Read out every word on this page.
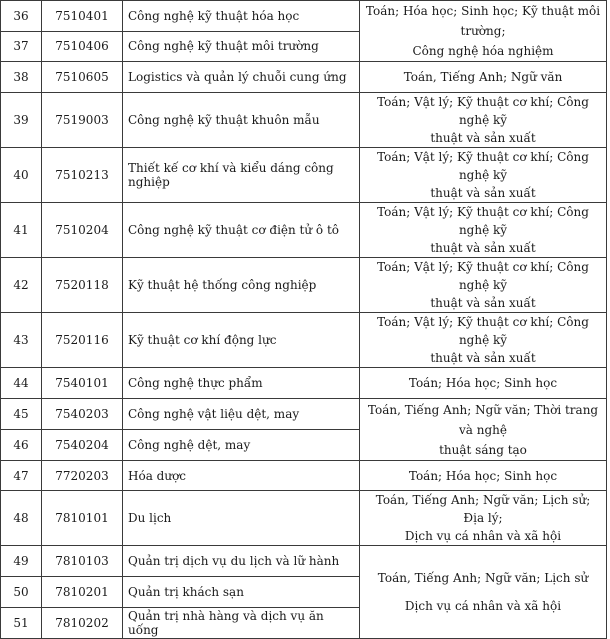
36	7510401	Công nghệ kỹ thuật hóa học	Toán; Hóa học; Sinh học; Kỹ thuật môi trường;
Công nghệ hóa nghiệm

37	7510406	Công nghệ kỹ thuật môi trường	
38	7510605	Logistics và quản lý chuỗi cung ứng	Toán, Tiếng Anh; Ngữ văn

39	7519003	Công nghệ kỹ thuật khuôn mẫu	Toán; Vật lý; Kỹ thuật cơ khí; Công nghệ kỹ
thuật và sản xuất

40	7510213	Thiết kế cơ khí và kiểu dáng công nghiệp	Toán; Vật lý; Kỹ thuật cơ khí; Công nghệ kỹ
thuật và sản xuất

41	7510204	Công nghệ kỹ thuật cơ điện tử ô tô	Toán; Vật lý; Kỹ thuật cơ khí; Công nghệ kỹ
thuật và sản xuất

42	7520118	Kỹ thuật hệ thống công nghiệp	Toán; Vật lý; Kỹ thuật cơ khí; Công nghệ kỹ
thuật và sản xuất

43	7520116	Kỹ thuật cơ khí động lực	Toán; Vật lý; Kỹ thuật cơ khí; Công nghệ kỹ
thuật và sản xuất

44	7540101	Công nghệ thực phẩm	Toán; Hóa học; Sinh học

45	7540203	Công nghệ vật liệu dệt, may	Toán, Tiếng Anh; Ngữ văn; Thời trang và nghệ
thuật sáng tạo

46	7540204	Công nghệ dệt, may	
47	7720203	Hóa dược	Toán; Hóa học; Sinh học

48	7810101	Du lịch	Toán, Tiếng Anh; Ngữ văn; Lịch sử; Địa lý;
Dịch vụ cá nhân và xã hội

49	7810103	Quản trị dịch vụ du lịch và lữ hành	Toán, Tiếng Anh; Ngữ văn; Lịch sử
Dịch vụ cá nhân và xã hội

50	7810201	Quản trị khách sạn	
51	7810202	Quản trị nhà hàng và dịch vụ ăn uống	
